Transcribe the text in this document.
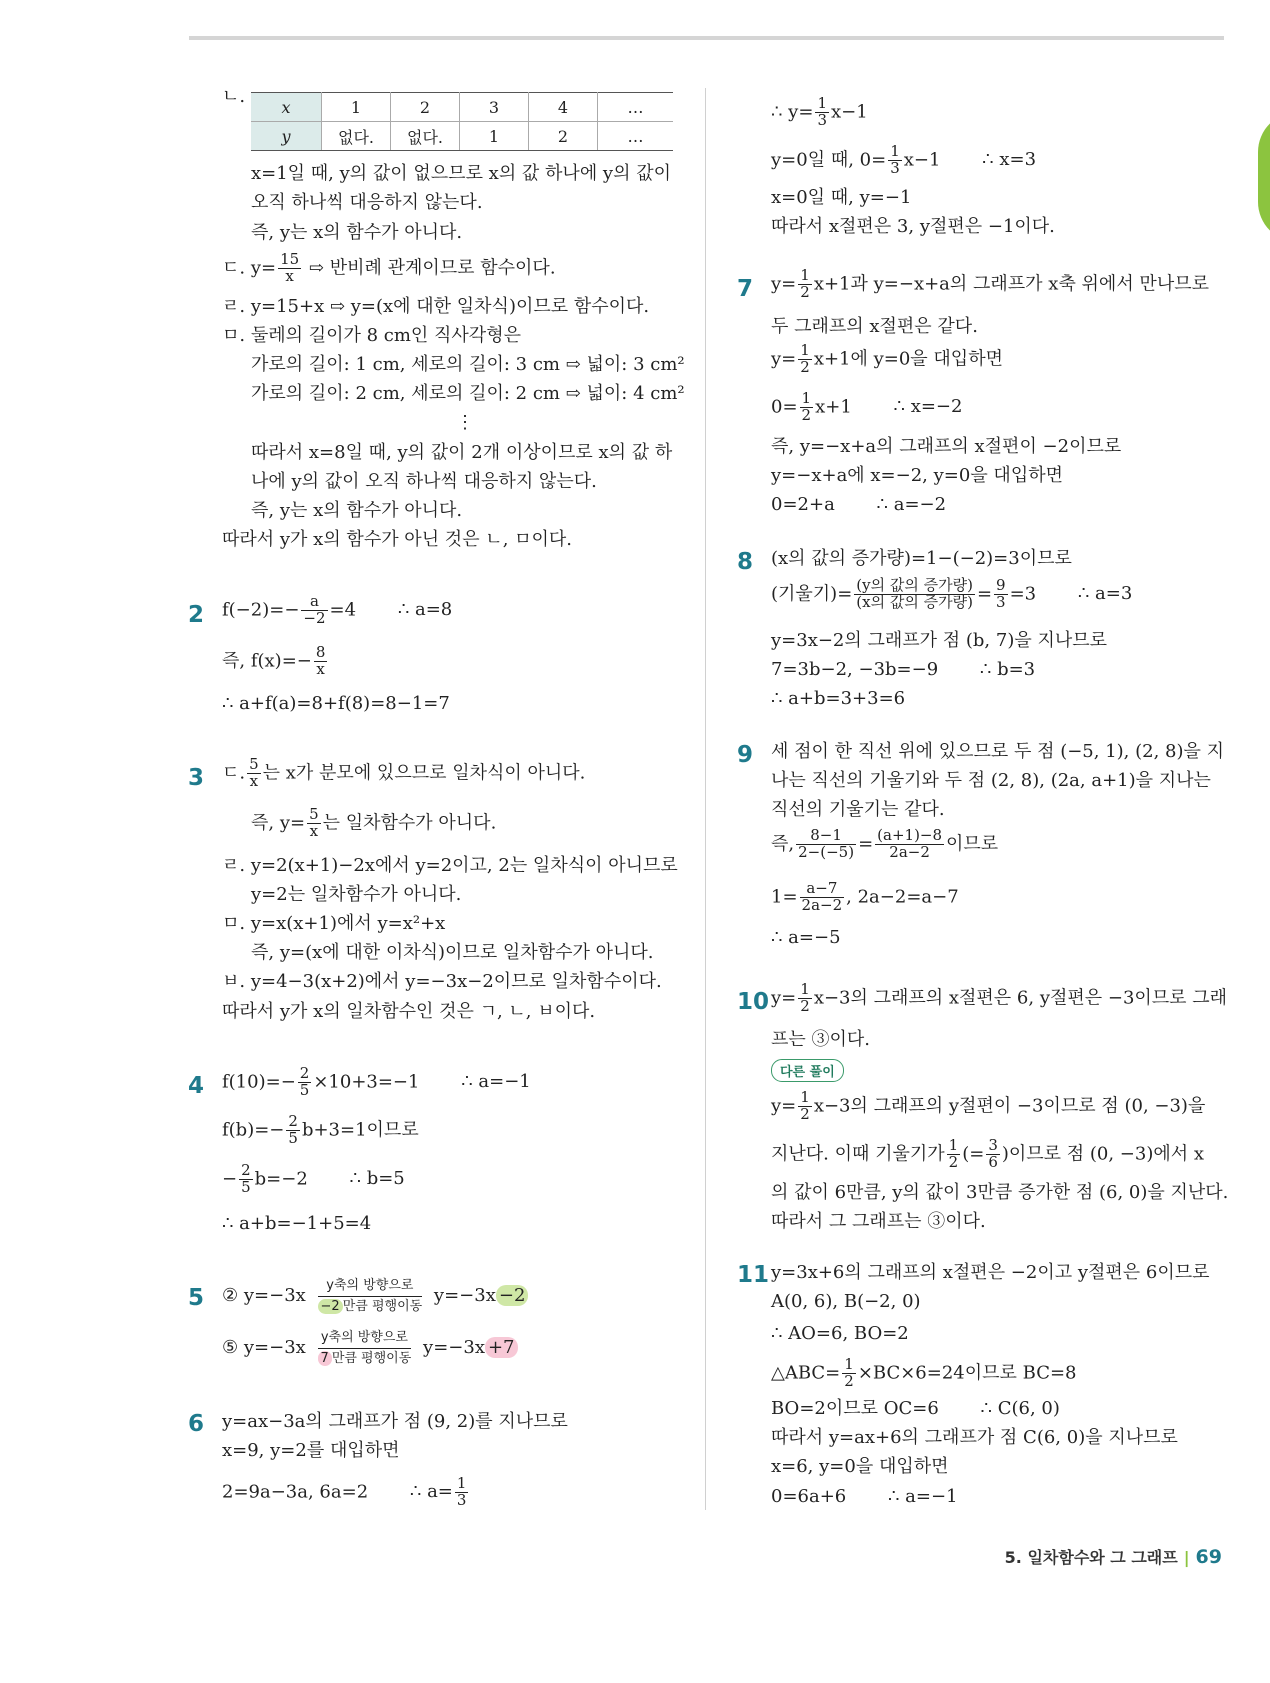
ㄴ. x	1	2	3	4	…
y	없다.	없다.	1	2	…
x=1일 때, y의 값이 없으므로 x의 값 하나에 y의 값이
오직 하나씩 대응하지 않는다.
즉, y는 x의 함수가 아니다.
ㄷ. $y= \frac{15}{x}$ ⇨ 반비례 관계이므로 함수이다.
ㄹ. y=15+x ⇨ y=(x에 대한 일차식)이므로 함수이다.
ㅁ. 둘레의 길이가 8 cm인 직사각형은
가로의 길이: 1 cm, 세로의 길이: 3 cm ⇨ 넓이: 3 cm²
가로의 길이: 2 cm, 세로의 길이: 2 cm ⇨ 넓이: 4 cm²
⋮
따라서 x=8일 때, y의 값이 2개 이상이므로 x의 값 하
나에 y의 값이 오직 하나씩 대응하지 않는다.
즉, y는 x의 함수가 아니다.
따라서 y가 x의 함수가 아닌 것은 ㄴ, ㅁ이다.
2 $f(-2)=- \frac{a}{-2} =4$ ∴ a=8
즉, $f(x)=- \frac{8}{x}$
∴ a+f(a)=8+f(8)=8−1=7
3 ㄷ. $\frac{5}{x}$ 는 x가 분모에 있으므로 일차식이 아니다.
즉, $y= \frac{5}{x}$ 는 일차함수가 아니다.
ㄹ. y=2(x+1)−2x에서 y=2이고, 2는 일차식이 아니므로
y=2는 일차함수가 아니다.
ㅁ. y=x(x+1)에서 y=x²+x
즉, y=(x에 대한 이차식)이므로 일차함수가 아니다.
ㅂ. y=4−3(x+2)에서 y=−3x−2이므로 일차함수이다.
따라서 y가 x의 일차함수인 것은 ㄱ, ㄴ, ㅂ이다.
4 $f(10)=- \frac{2}{5} \times 10+3=-1$ ∴ a=−1
$f(b)=- \frac{2}{5} b+3=1$이므로
− $\frac{2}{5} b=-2$ ∴ b=5
∴ a+b=−1+5=4
5 ② y=−3x	y축의 방향으로
−2 만큼 평행이동 y=−3x −2
⑤ y=−3x y축의 방향으로
7 만큼 평행이동 y=−3x +7
6 y=ax−3a의 그래프가 점 (9, 2)를 지나므로
x=9, y=2를 대입하면
2=9a−3a, 6a=2 ∴ $a= \frac{1}{3}$
∴ $y= \frac{1}{3} x-1$
y=0일 때, $0= \frac{1}{3} x-1$ ∴ x=3
x=0일 때, y=−1
따라서 x절편은 3, y절편은 −1이다.
7 $y= \frac{1}{2} x+1$과 y=−x+a의 그래프가 x축 위에서 만나므로
두 그래프의 x절편은 같다.
$y= \frac{1}{2} x+1$에 y=0을 대입하면
$0= \frac{1}{2} x+1$ ∴ x=−2
즉, y=−x+a의 그래프의 x절편이 −2이므로
y=−x+a에 x=−2, y=0을 대입하면
0=2+a ∴ a=−2
8 (x의 값의 증가량)=1−(−2)=3이므로
(기울기)= $\frac{\text{(y의 값의 증가량)}}{\text{(x의 값의 증가량)}} = \frac{9}{3} =3$ ∴ a=3
y=3x−2의 그래프가 점 (b, 7)을 지나므로
7=3b−2, −3b=−9 ∴ b=3
∴ a+b=3+3=6
9 세 점이 한 직선 위에 있으므로 두 점 (−5, 1), (2, 8)을 지
나는 직선의 기울기와 두 점 (2, 8), (2a, a+1)을 지나는
직선의 기울기는 같다.
즉, $\frac{8-1}{2-(-5)} = \frac{(a+1)-8}{2a-2}$ 이므로
$1= \frac{a-7}{2a-2}$ , 2a−2=a−7
∴ a=−5
10 $y= \frac{1}{2} x-3$의 그래프의 x절편은 6, y절편은 −3이므로 그래
프는 ③이다.
다른 풀이
$y= \frac{1}{2} x-3$의 그래프의 y절편이 −3이므로 점 (0, −3)을
지난다. 이때 기울기가 $\frac{1}{2}$ (= $\frac{3}{6}$ )이므로 점 (0, −3)에서 x
의 값이 6만큼, y의 값이 3만큼 증가한 점 (6, 0)을 지난다.
따라서 그 그래프는 ③이다.
11 y=3x+6의 그래프의 x절편은 −2이고 y절편은 6이므로
A(0, 6), B(−2, 0)
∴ AO=6, BO=2
△ABC= $\frac{1}{2} \times BC\times 6=24$이므로 BC=8
BO=2이므로 OC=6 ∴ C(6, 0)
따라서 y=ax+6의 그래프가 점 C(6, 0)을 지나므로
x=6, y=0을 대입하면
0=6a+6 ∴ a=−1
5. 일차함수와 그 그래프 | 69
